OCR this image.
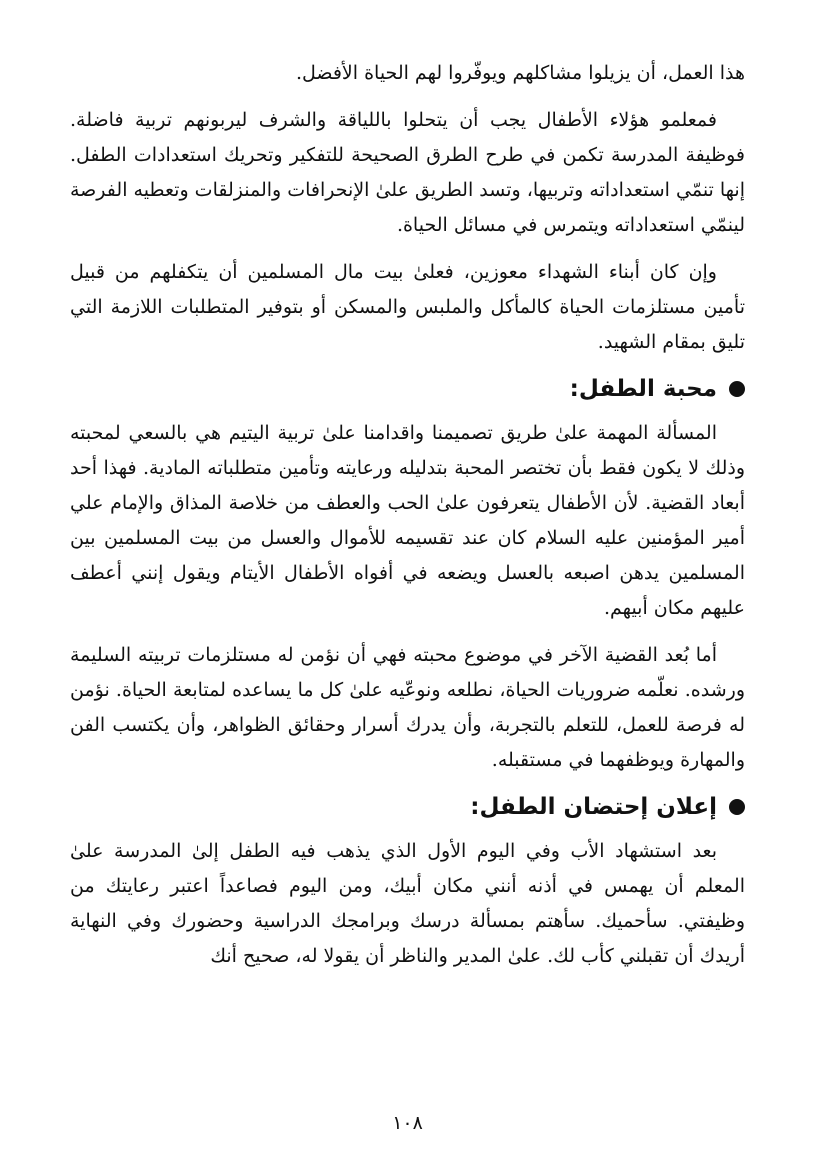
هذا العمل، أن يزيلوا مشاكلهم ويوفّروا لهم الحياة الأفضل.

فمعلمو هؤلاء الأطفال يجب أن يتحلوا باللياقة والشرف ليربونهم تربية فاضلة. فوظيفة المدرسة تكمن في طرح الطرق الصحيحة للتفكير وتحريك استعدادات الطفل. إنها تنمّي استعداداته وتربيها، وتسد الطريق علىٰ الإنحرافات والمنزلقات وتعطيه الفرصة لينمّي استعداداته ويتمرس في مسائل الحياة.

وإن كان أبناء الشهداء معوزين، فعلىٰ بيت مال المسلمين أن يتكفلهم من قبيل تأمين مستلزمات الحياة كالمأكل والملبس والمسكن أو بتوفير المتطلبات اللازمة التي تليق بمقام الشهيد.

محبة الطفل:

المسألة المهمة علىٰ طريق تصميمنا واقدامنا علىٰ تربية اليتيم هي بالسعي لمحبته وذلك لا يكون فقط بأن تختصر المحبة بتدليله ورعايته وتأمين متطلباته المادية. فهذا أحد أبعاد القضية. لأن الأطفال يتعرفون علىٰ الحب والعطف من خلاصة المذاق والإمام علي أمير المؤمنين عليه السلام كان عند تقسيمه للأموال والعسل من بيت المسلمين بين المسلمين يدهن اصبعه بالعسل ويضعه في أفواه الأطفال الأيتام ويقول إنني أعطف عليهم مكان أبيهم.

أما بُعد القضية الآخر في موضوع محبته فهي أن نؤمن له مستلزمات تربيته السليمة ورشده. نعلّمه ضروريات الحياة، نطلعه ونوعّيه علىٰ كل ما يساعده لمتابعة الحياة. نؤمن له فرصة للعمل، للتعلم بالتجربة، وأن يدرك أسرار وحقائق الظواهر، وأن يكتسب الفن والمهارة ويوظفهما في مستقبله.

إعلان إحتضان الطفل:

بعد استشهاد الأب وفي اليوم الأول الذي يذهب فيه الطفل إلىٰ المدرسة علىٰ المعلم أن يهمس في أذنه أنني مكان أبيك، ومن اليوم فصاعداً اعتبر رعايتك من وظيفتي. سأحميك. سأهتم بمسألة درسك وبرامجك الدراسية وحضورك وفي النهاية أريدك أن تقبلني كأب لك. علىٰ المدير والناظر أن يقولا له، صحيح أنك

١٠٨
